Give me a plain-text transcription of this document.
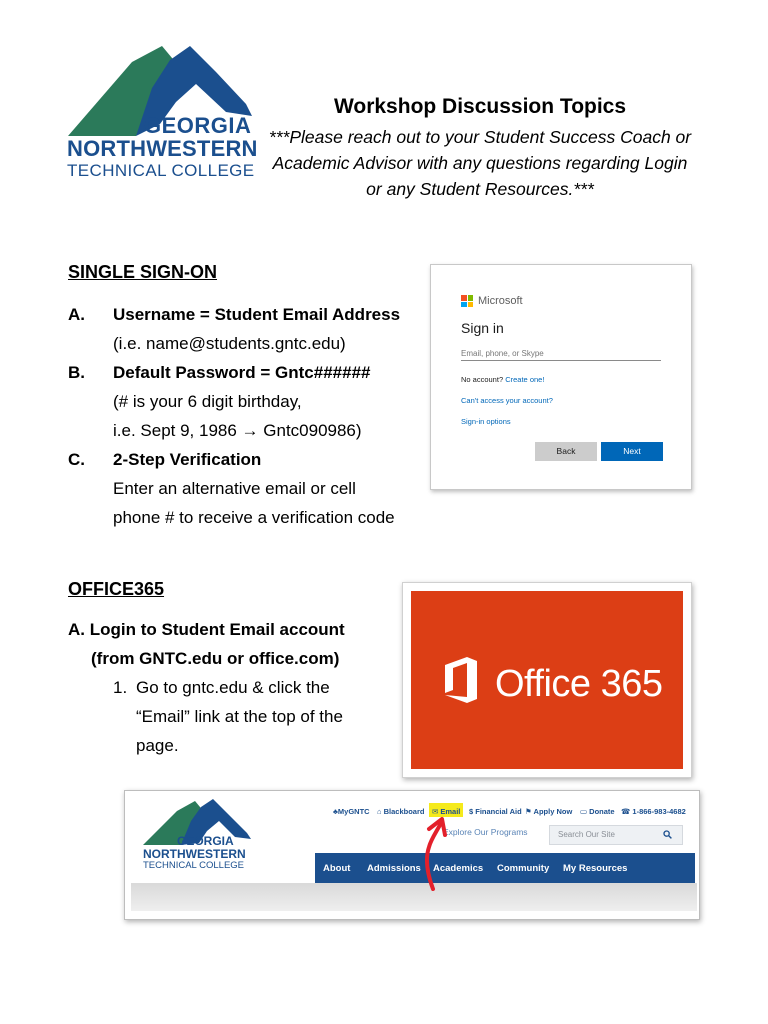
GEORGIA
NORTHWESTERN
TECHNICAL COLLEGE
Workshop Discussion Topics
***Please reach out to your Student Success Coach or
Academic Advisor with any questions regarding Login
or any Student Resources.***
SINGLE SIGN-ON
A. Username = Student Email Address
(i.e. name@students.gntc.edu)
B. Default Password = Gntc######
(# is your 6 digit birthday,
i.e. Sept 9, 1986 → Gntc090986)
C. 2-Step Verification
Enter an alternative email or cell
phone # to receive a verification code
Microsoft
Sign in
Email, phone, or Skype
No account? Create one!
Can't access your account?
Sign-in options
Back	Next
OFFICE365
A. Login to Student Email account
(from GNTC.edu or office.com)
1. Go to gntc.edu & click the
“Email” link at the top of the
page.
Office 365
GEORGIA
NORTHWESTERN
TECHNICAL COLLEGE
♣MyGNTC ⌂ Blackboard ✉ Email $ Financial Aid ⚑ Apply Now ▭ Donate ☎ 1-866-983-4682
Explore Our Programs	Search Our Site
About Admissions Academics Community My Resources
